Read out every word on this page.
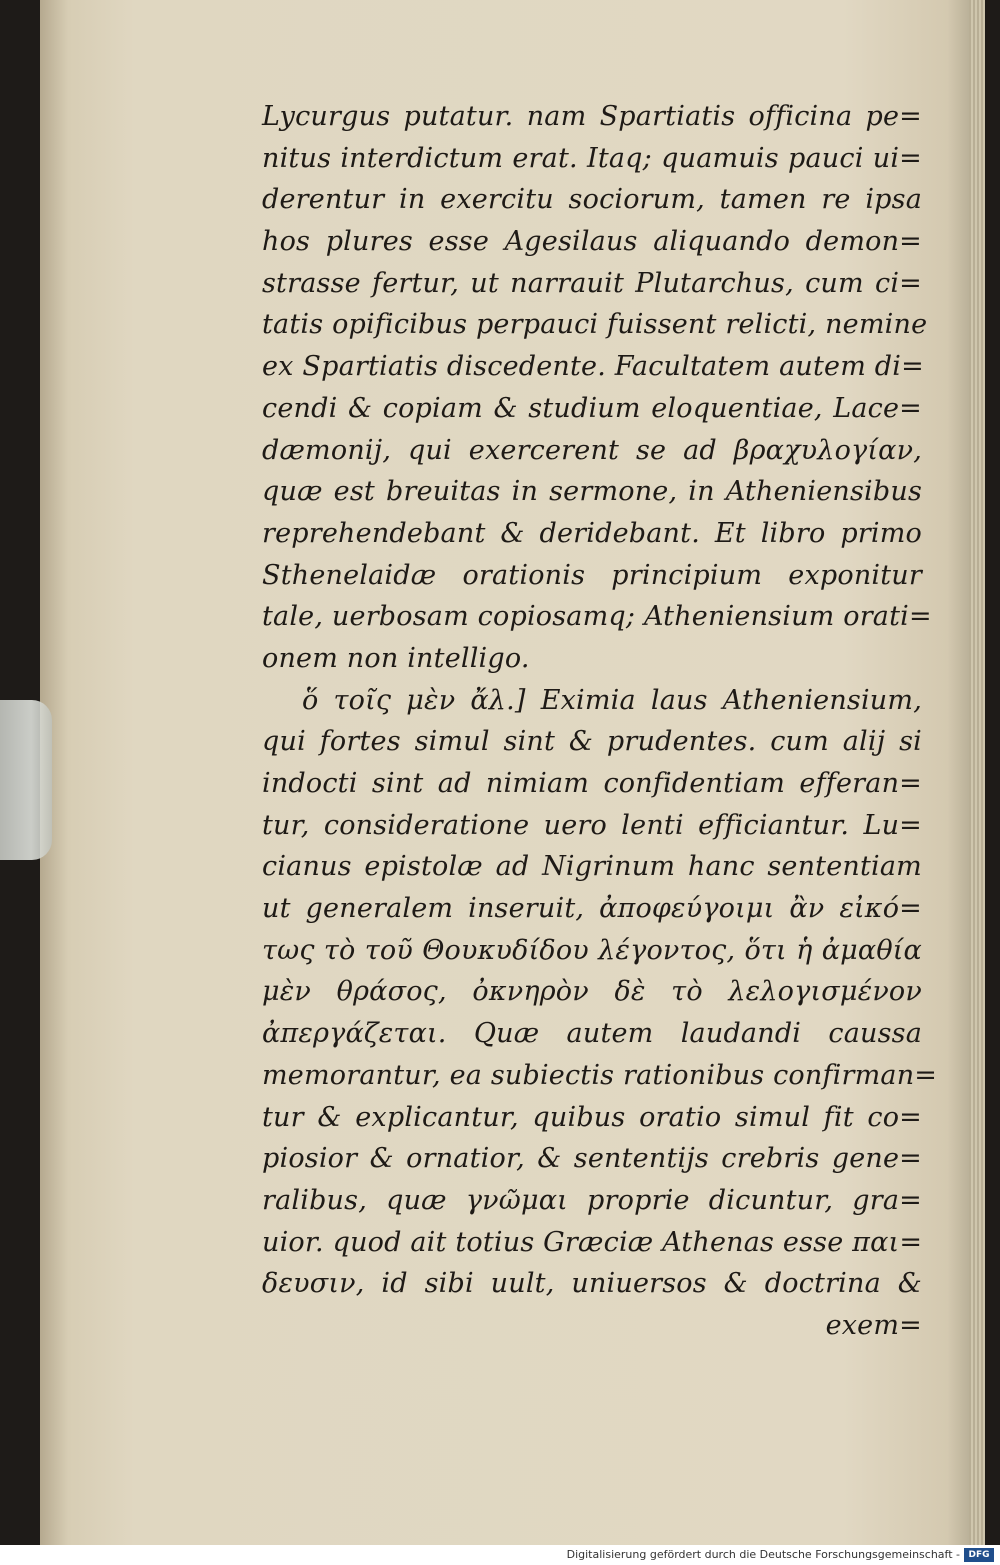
Lycurgus putatur. nam Spartiatis officina pe=
nitus interdictum erat. Itaq; quamuis pauci ui=
derentur in exercitu sociorum, tamen re ipsa
hos plures esse Agesilaus aliquando demon=
strasse fertur, ut narrauit Plutarchus, cum ci=
tatis opificibus perpauci fuissent relicti, nemine
ex Spartiatis discedente. Facultatem autem di=
cendi & copiam & studium eloquentiae, Lace=
dæmonij, qui exercerent se ad βραχυλογίαν,
quæ est breuitas in sermone, in Atheniensibus
reprehendebant & deridebant. Et libro primo
Sthenelaidæ orationis principium exponitur
tale, uerbosam copiosamq; Atheniensium orati=
onem non intelligo.
ὅ τοῖς μὲν ἄλ.] Eximia laus Atheniensium,
qui fortes simul sint & prudentes. cum alij si
indocti sint ad nimiam confidentiam efferan=
tur, consideratione uero lenti efficiantur. Lu=
cianus epistolæ ad Nigrinum hanc sententiam
ut generalem inseruit, ἀποφεύγοιμι ἂν εἰκό=
τως τὸ τοῦ Θουκυδίδου λέγοντος, ὅτι ἡ ἀμαθία
μὲν θράσος, ὀκνηρὸν δὲ τὸ λελογισμένον
ἀπεργάζεται. Quæ autem laudandi caussa
memorantur, ea subiectis rationibus confirman=
tur & explicantur, quibus oratio simul fit co=
piosior & ornatior, & sententijs crebris gene=
ralibus, quæ γνῶμαι proprie dicuntur, gra=
uior. quod ait totius Græciæ Athenas esse παι=
δευσιν, id sibi uult, uniuersos & doctrina &
exem=
Digitalisierung gefördert durch die Deutsche Forschungsgemeinschaft - DFG
